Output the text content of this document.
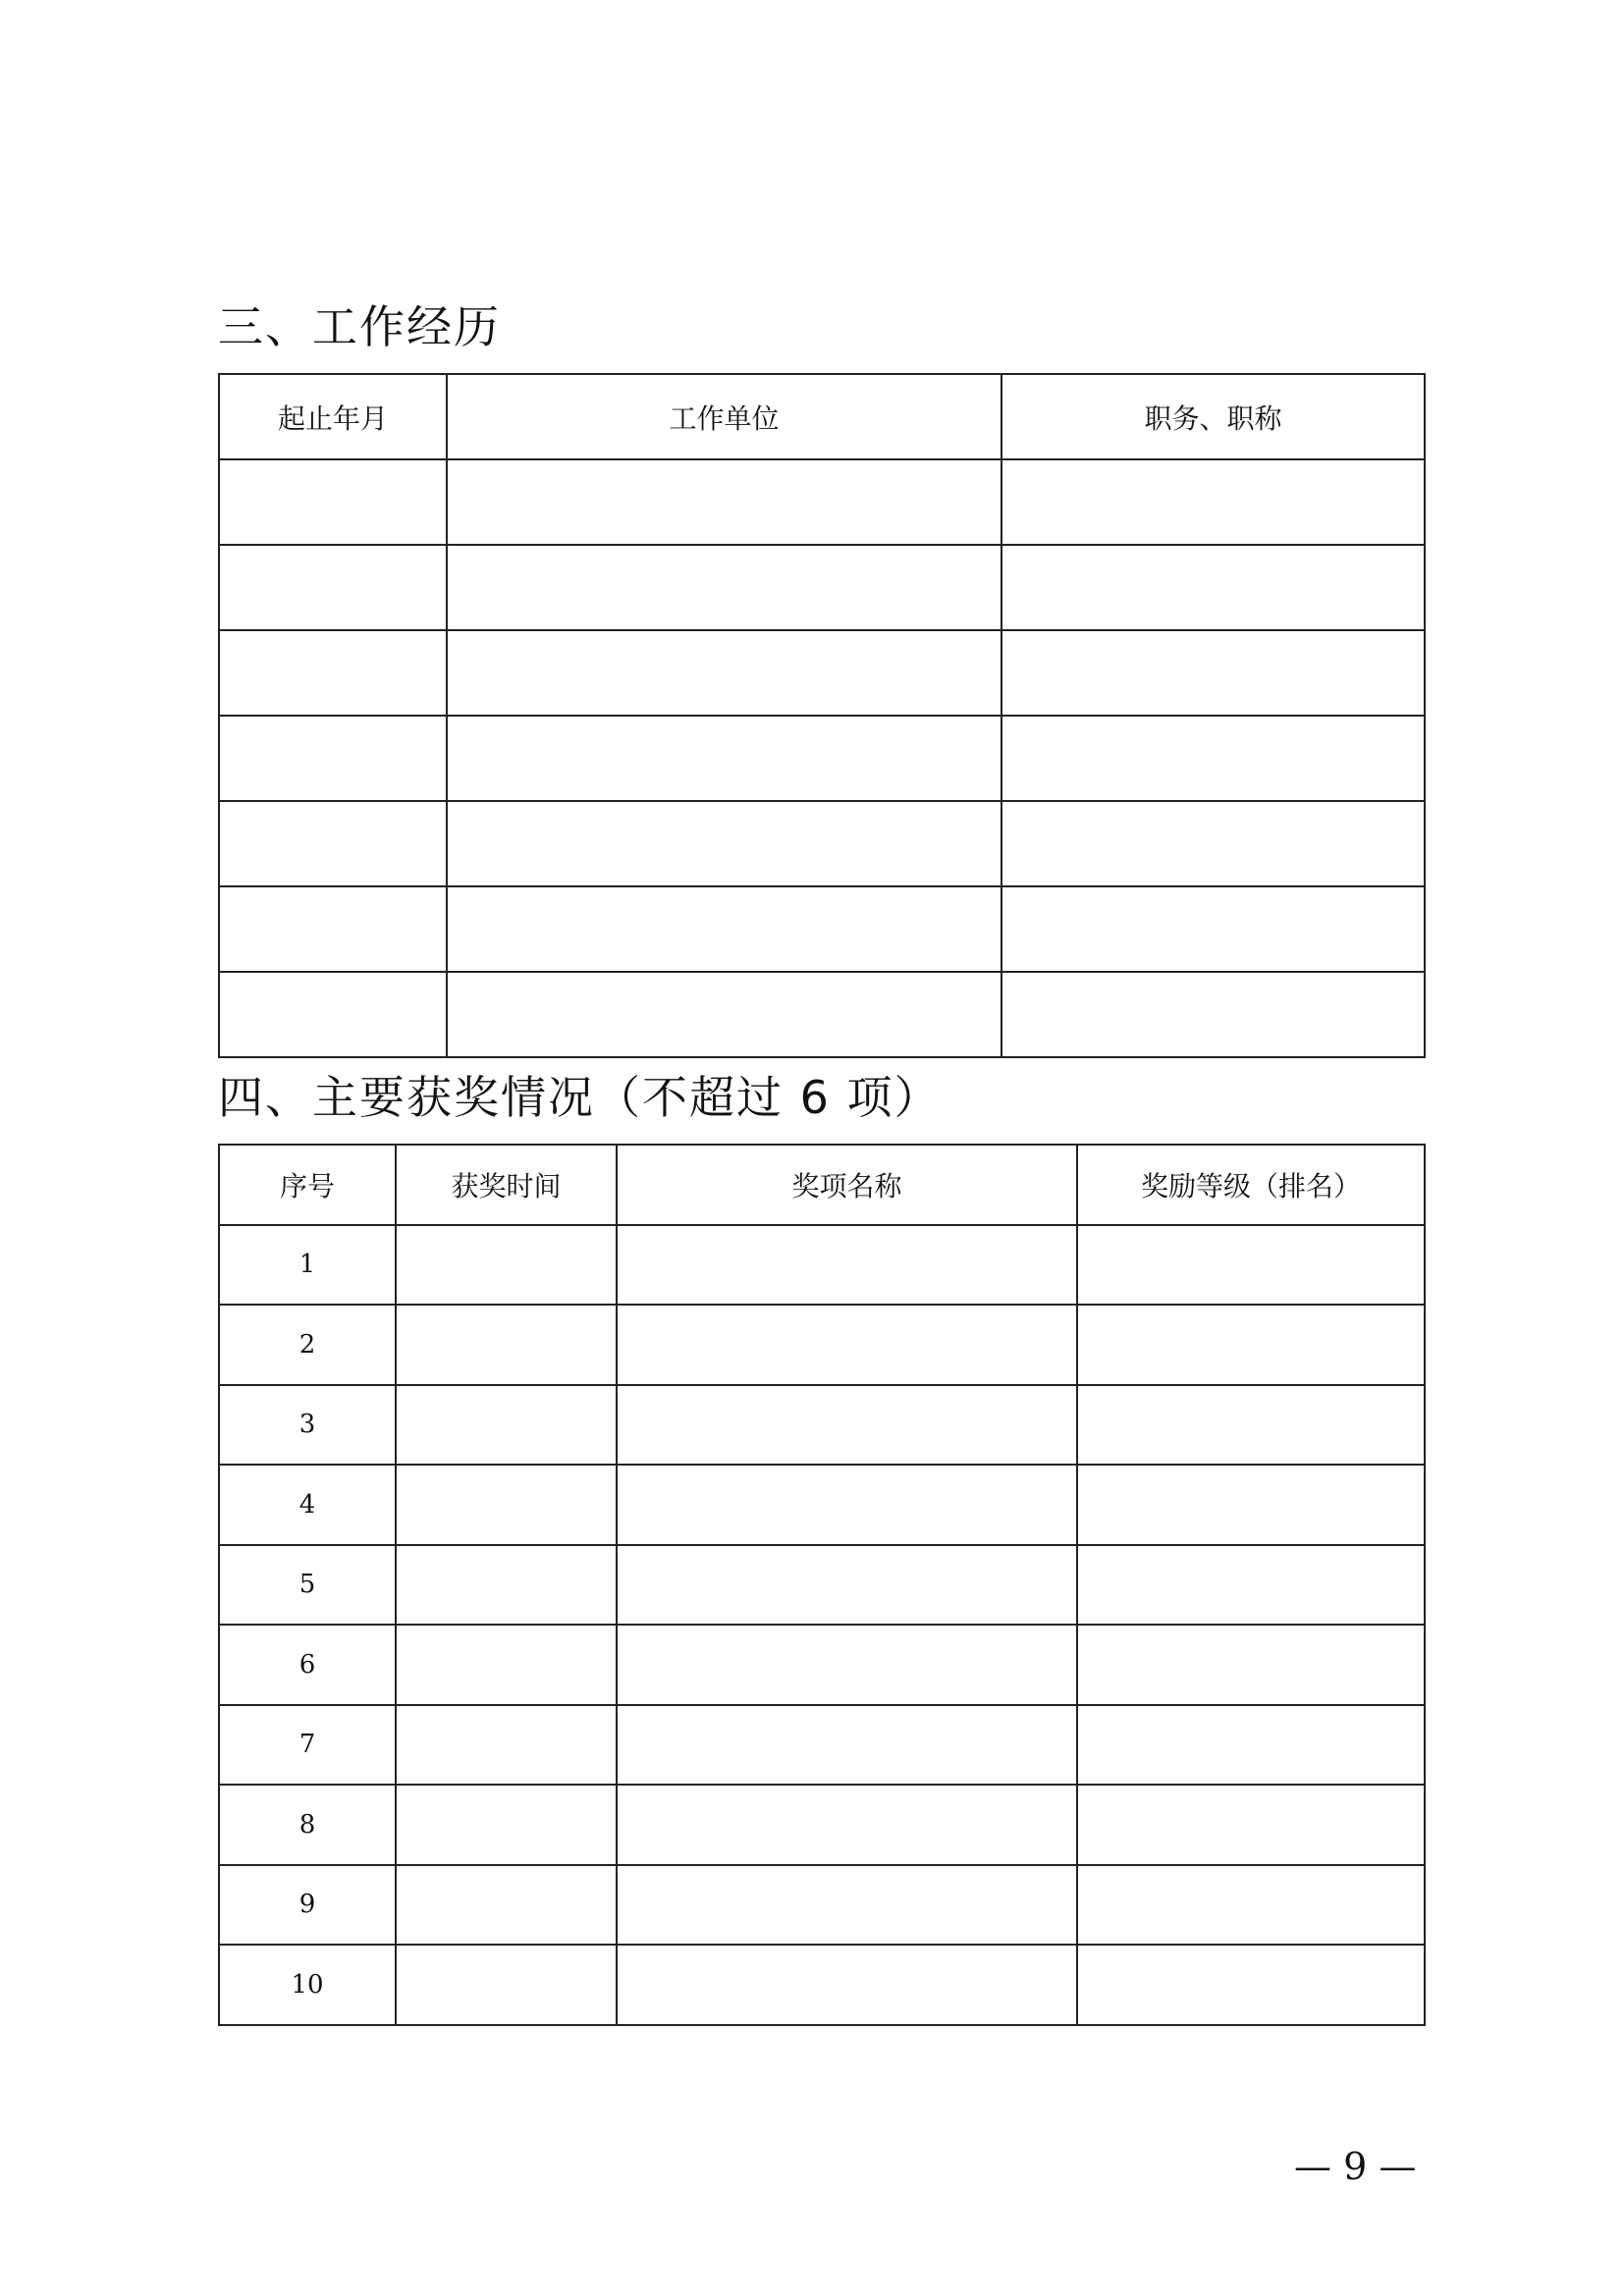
三、工作经历
起止年月	工作单位	职务、职称

四、主要获奖情况（不超过 6 项）
序号	获奖时间	奖项名称	奖励等级（排名）
1			
2			
3			
4			
5			
6			
7			
8			
9			
10			
— 9 —
